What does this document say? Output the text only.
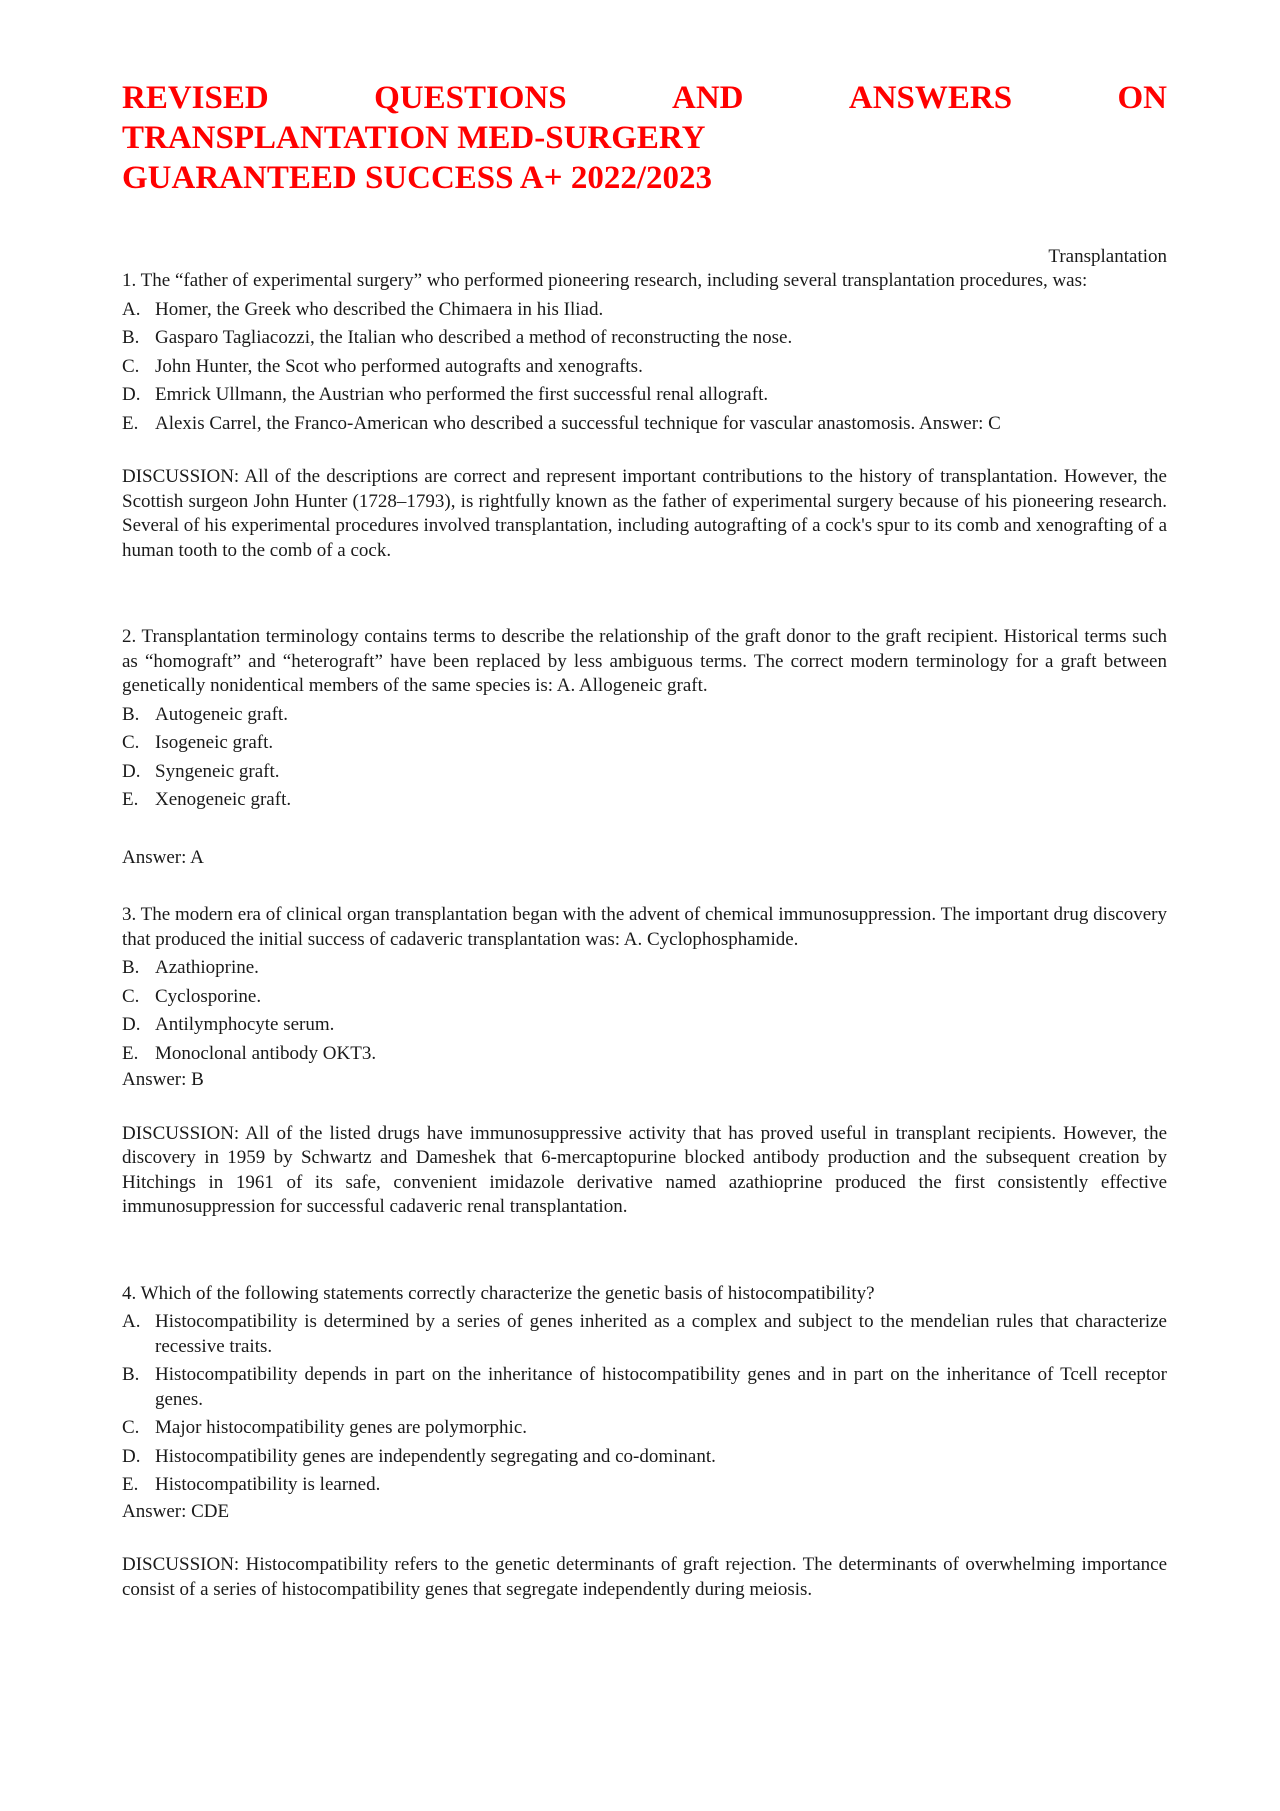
REVISED	QUESTIONS	AND	ANSWERS	ON
TRANSPLANTATION MED-SURGERY
GUARANTEED SUCCESS A+ 2022/2023
Transplantation

1. The “father of experimental surgery” who performed pioneering research, including several transplantation procedures, was:

A. Homer, the Greek who described the Chimaera in his Iliad.
B. Gasparo Tagliacozzi, the Italian who described a method of reconstructing the nose.
C. John Hunter, the Scot who performed autografts and xenografts.
D. Emrick Ullmann, the Austrian who performed the first successful renal allograft.
E. Alexis Carrel, the Franco-American who described a successful technique for vascular anastomosis. Answer: C

DISCUSSION: All of the descriptions are correct and represent important contributions to the history of transplantation. However, the Scottish surgeon John Hunter (1728–1793), is rightfully known as the father of experimental surgery because of his pioneering research. Several of his experimental procedures involved transplantation, including autografting of a cock's spur to its comb and xenografting of a human tooth to the comb of a cock.

2. Transplantation terminology contains terms to describe the relationship of the graft donor to the graft recipient. Historical terms such as “homograft” and “heterograft” have been replaced by less ambiguous terms. The correct modern terminology for a graft between genetically nonidentical members of the same species is: A. Allogeneic graft.

B. Autogeneic graft.
C. Isogeneic graft.
D. Syngeneic graft.
E. Xenogeneic graft.
Answer: A

3. The modern era of clinical organ transplantation began with the advent of chemical immunosuppression. The important drug discovery that produced the initial success of cadaveric transplantation was: A. Cyclophosphamide.

B. Azathioprine.
C. Cyclosporine.
D. Antilymphocyte serum.
E. Monoclonal antibody OKT3.
Answer: B

DISCUSSION: All of the listed drugs have immunosuppressive activity that has proved useful in transplant recipients. However, the discovery in 1959 by Schwartz and Dameshek that 6-mercaptopurine blocked antibody production and the subsequent creation by Hitchings in 1961 of its safe, convenient imidazole derivative named azathioprine produced the first consistently effective immunosuppression for successful cadaveric renal transplantation.

4. Which of the following statements correctly characterize the genetic basis of histocompatibility?

A. Histocompatibility is determined by a series of genes inherited as a complex and subject to the mendelian rules that characterize recessive traits.
B. Histocompatibility depends in part on the inheritance of histocompatibility genes and in part on the inheritance of Tcell receptor genes.
C. Major histocompatibility genes are polymorphic.
D. Histocompatibility genes are independently segregating and co-dominant.
E. Histocompatibility is learned.
Answer: CDE

DISCUSSION: Histocompatibility refers to the genetic determinants of graft rejection. The determinants of overwhelming importance consist of a series of histocompatibility genes that segregate independently during meiosis.
